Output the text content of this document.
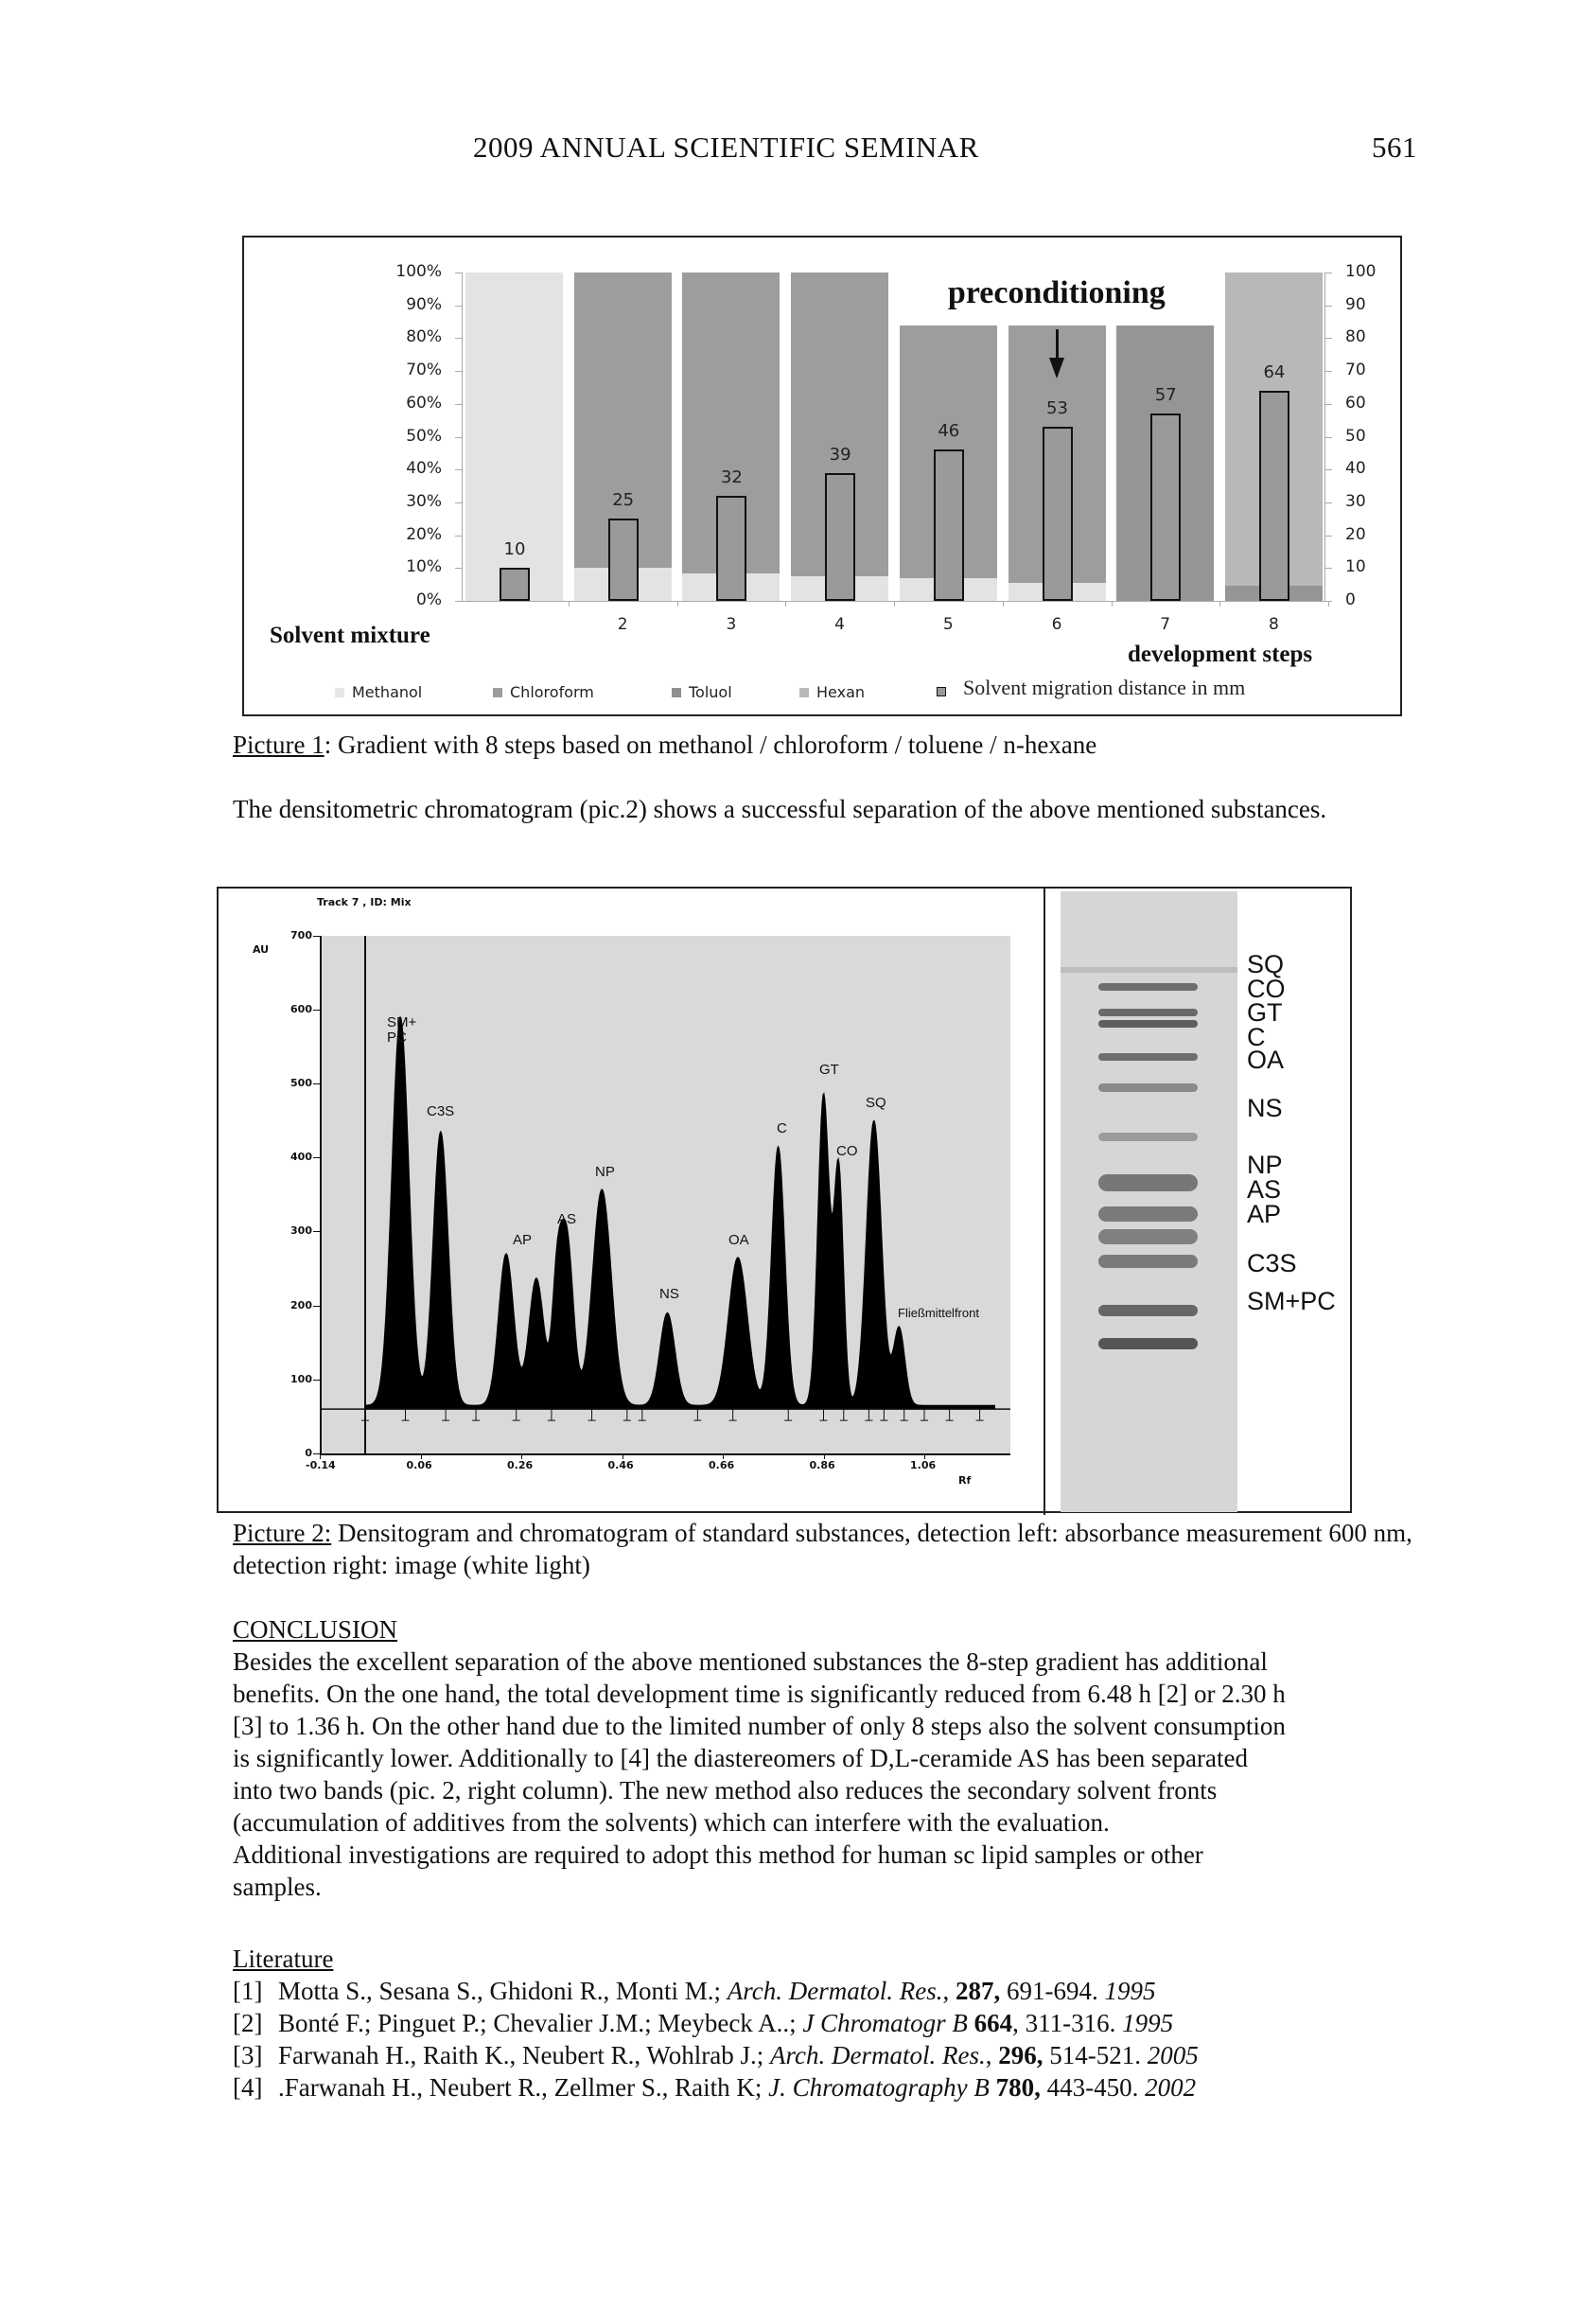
2009 ANNUAL SCIENTIFIC SEMINAR	561
0%
10%
20%
30%
40%
50%
60%
70%
80%
90%
100%
0
10
20
30
40
50
60
70
80
90
100
10
25
2
32
3
39
4
46
5
53
6
57
7
64
8
preconditioning
Solvent mixture
development steps
Methanol	Chloroform	Toluol	Hexan	Solvent migration distance in mm
Picture 1: Gradient with 8 steps based on methanol / chloroform / toluene / n-hexane
The densitometric chromatogram (pic.2) shows a successful separation of the above mentioned substances.
Track 7 , ID: Mix
AU
Rf
0
100
200
300
400
500
600
700
-0.14	0.06	0.26	0.46	0.66	0.86	1.06
SM+
PC
C3S
AP
AS
NP
NS
OA
C
GT
CO
SQ
Fließmittelfront
SQ
CO
GT
C
OA
NS
NP
AS
AP
C3S
SM+PC
Picture 2: Densitogram and chromatogram of standard substances, detection left: absorbance measurement 600 nm, detection right: image (white light)
CONCLUSION
Besides the excellent separation of the above mentioned substances the 8-step gradient has additional
benefits. On the one hand, the total development time is significantly reduced from 6.48 h [2] or 2.30 h
[3] to 1.36 h. On the other hand due to the limited number of only 8 steps also the solvent consumption
is significantly lower. Additionally to [4] the diastereomers of D,L-ceramide AS has been separated
into two bands (pic. 2, right column). The new method also reduces the secondary solvent fronts
(accumulation of additives from the solvents) which can interfere with the evaluation.
Additional investigations are required to adopt this method for human sc lipid samples or other
samples.
Literature
[1] Motta S., Sesana S., Ghidoni R., Monti M.; Arch. Dermatol. Res., 287, 691-694. 1995
[2] Bonté F.; Pinguet P.; Chevalier J.M.; Meybeck A..; J Chromatogr B 664, 311-316. 1995
[3] Farwanah H., Raith K., Neubert R., Wohlrab J.; Arch. Dermatol. Res., 296, 514-521. 2005
[4] .Farwanah H., Neubert R., Zellmer S., Raith K; J. Chromatography B 780, 443-450. 2002
